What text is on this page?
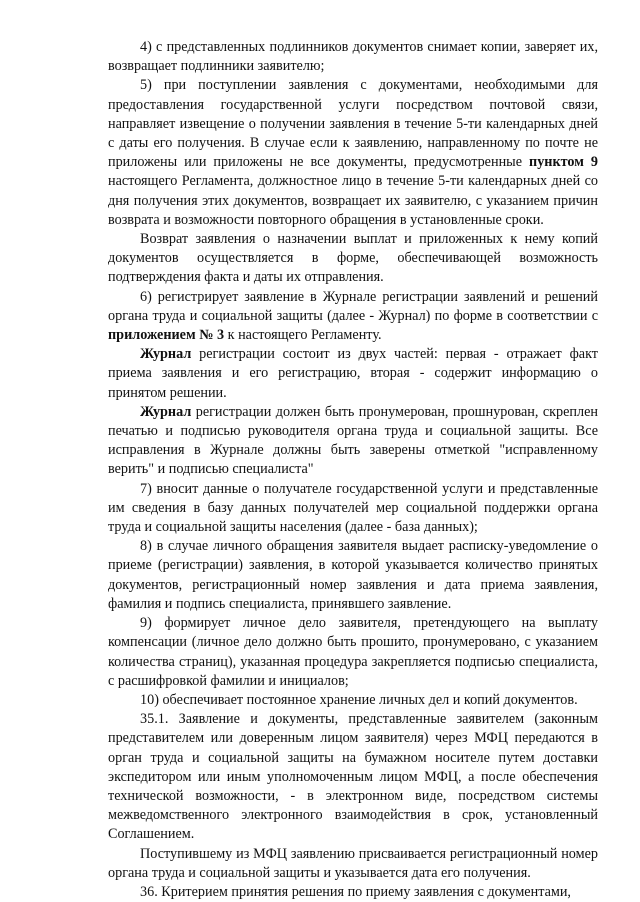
4) с представленных подлинников документов снимает копии, заверяет их, возвращает подлинники заявителю;

5) при поступлении заявления с документами, необходимыми для предоставления государственной услуги посредством почтовой связи, направляет извещение о получении заявления в течение 5-ти календарных дней с даты его получения. В случае если к заявлению, направленному по почте не приложены или приложены не все документы, предусмотренные пунктом 9 настоящего Регламента, должностное лицо в течение 5-ти календарных дней со дня получения этих документов, возвращает их заявителю, с указанием причин возврата и возможности повторного обращения в установленные сроки.

Возврат заявления о назначении выплат и приложенных к нему копий документов осуществляется в форме, обеспечивающей возможность подтверждения факта и даты их отправления.

6) регистрирует заявление в Журнале регистрации заявлений и решений органа труда и социальной защиты (далее - Журнал) по форме в соответствии с приложением № 3 к настоящего Регламенту.

Журнал регистрации состоит из двух частей: первая - отражает факт приема заявления и его регистрацию, вторая - содержит информацию о принятом решении.

Журнал регистрации должен быть пронумерован, прошнурован, скреплен печатью и подписью руководителя органа труда и социальной защиты. Все исправления в Журнале должны быть заверены отметкой "исправленному верить" и подписью специалиста"

7) вносит данные о получателе государственной услуги и представленные им сведения в базу данных получателей мер социальной поддержки органа труда и социальной защиты населения (далее - база данных);

8) в случае личного обращения заявителя выдает расписку-уведомление о приеме (регистрации) заявления, в которой указывается количество принятых документов, регистрационный номер заявления и дата приема заявления, фамилия и подпись специалиста, принявшего заявление.

9) формирует личное дело заявителя, претендующего на выплату компенсации (личное дело должно быть прошито, пронумеровано, с указанием количества страниц), указанная процедура закрепляется подписью специалиста, с расшифровкой фамилии и инициалов;

10) обеспечивает постоянное хранение личных дел и копий документов.

35.1. Заявление и документы, представленные заявителем (законным представителем или доверенным лицом заявителя) через МФЦ передаются в орган труда и социальной защиты на бумажном носителе путем доставки экспедитором или иным уполномоченным лицом МФЦ, а после обеспечения технической возможности, - в электронном виде, посредством системы межведомственного электронного взаимодействия в срок, установленный Соглашением.

Поступившему из МФЦ заявлению присваивается регистрационный номер органа труда и социальной защиты и указывается дата его получения.

36. Критерием принятия решения по приему заявления с документами,
